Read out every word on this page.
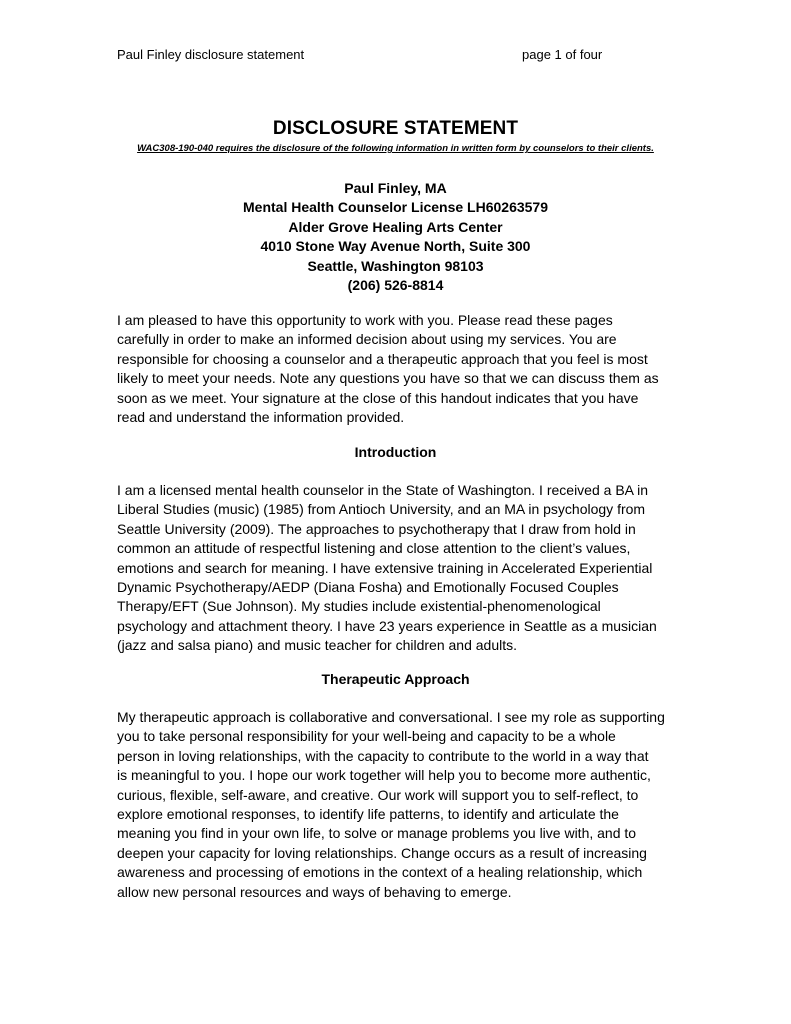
Paul Finley disclosure statement	page 1 of four
DISCLOSURE STATEMENT
WAC308-190-040 requires the disclosure of the following information in written form by counselors to their clients.
Paul Finley, MA
Mental Health Counselor License LH60263579
Alder Grove Healing Arts Center
4010 Stone Way Avenue North, Suite 300
Seattle, Washington 98103
(206) 526-8814
I am pleased to have this opportunity to work with you. Please read these pages
carefully in order to make an informed decision about using my services. You are
responsible for choosing a counselor and a therapeutic approach that you feel is most
likely to meet your needs. Note any questions you have so that we can discuss them as
soon as we meet. Your signature at the close of this handout indicates that you have
read and understand the information provided.
Introduction
I am a licensed mental health counselor in the State of Washington. I received a BA in
Liberal Studies (music) (1985) from Antioch University, and an MA in psychology from
Seattle University (2009). The approaches to psychotherapy that I draw from hold in
common an attitude of respectful listening and close attention to the client’s values,
emotions and search for meaning. I have extensive training in Accelerated Experiential
Dynamic Psychotherapy/AEDP (Diana Fosha) and Emotionally Focused Couples
Therapy/EFT (Sue Johnson). My studies include existential-phenomenological
psychology and attachment theory. I have 23 years experience in Seattle as a musician
(jazz and salsa piano) and music teacher for children and adults.
Therapeutic Approach
My therapeutic approach is collaborative and conversational. I see my role as supporting
you to take personal responsibility for your well-being and capacity to be a whole
person in loving relationships, with the capacity to contribute to the world in a way that
is meaningful to you. I hope our work together will help you to become more authentic,
curious, flexible, self-aware, and creative. Our work will support you to self-reflect, to
explore emotional responses, to identify life patterns, to identify and articulate the
meaning you find in your own life, to solve or manage problems you live with, and to
deepen your capacity for loving relationships. Change occurs as a result of increasing
awareness and processing of emotions in the context of a healing relationship, which
allow new personal resources and ways of behaving to emerge.
